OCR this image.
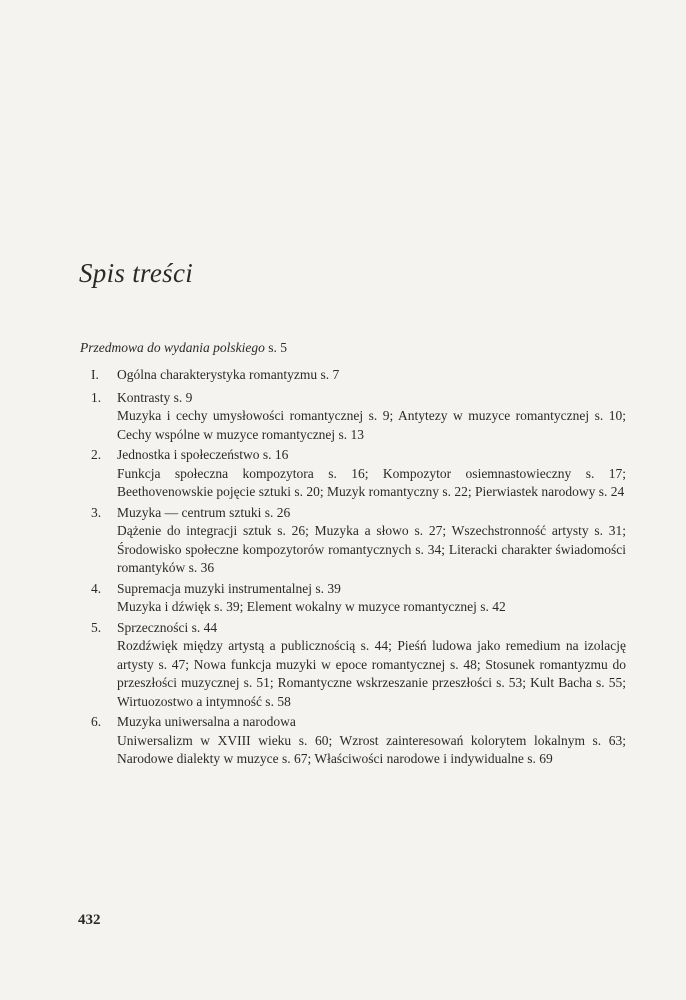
Spis treści
Przedmowa do wydania polskiego s. 5
I. Ogólna charakterystyka romantyzmu s. 7
1. Kontrasty s. 9
Muzyka i cechy umysłowości romantycznej s. 9; Antytezy w muzyce romantycznej s. 10; Cechy wspólne w muzyce romantycznej s. 13
2. Jednostka i społeczeństwo s. 16
Funkcja społeczna kompozytora s. 16; Kompozytor osiemnastowieczny s. 17; Beethovenowskie pojęcie sztuki s. 20; Muzyk romantyczny s. 22; Pierwiastek narodowy s. 24
3. Muzyka — centrum sztuki s. 26
Dążenie do integracji sztuk s. 26; Muzyka a słowo s. 27; Wszechstronność artysty s. 31; Środowisko społeczne kompozytorów romantycznych s. 34; Literacki charakter świadomości romantyków s. 36
4. Supremacja muzyki instrumentalnej s. 39
Muzyka i dźwięk s. 39; Element wokalny w muzyce romantycznej s. 42
5. Sprzeczności s. 44
Rozdźwięk między artystą a publicznością s. 44; Pieśń ludowa jako remedium na izolację artysty s. 47; Nowa funkcja muzyki w epoce romantycznej s. 48; Stosunek romantyzmu do przeszłości muzycznej s. 51; Romantyczne wskrzeszanie przeszłości s. 53; Kult Bacha s. 55; Wirtuozostwo a intymność s. 58
6. Muzyka uniwersalna a narodowa
Uniwersalizm w XVIII wieku s. 60; Wzrost zainteresowań kolorytem lokalnym s. 63; Narodowe dialekty w muzyce s. 67; Właściwości narodowe i indywidualne s. 69
432
